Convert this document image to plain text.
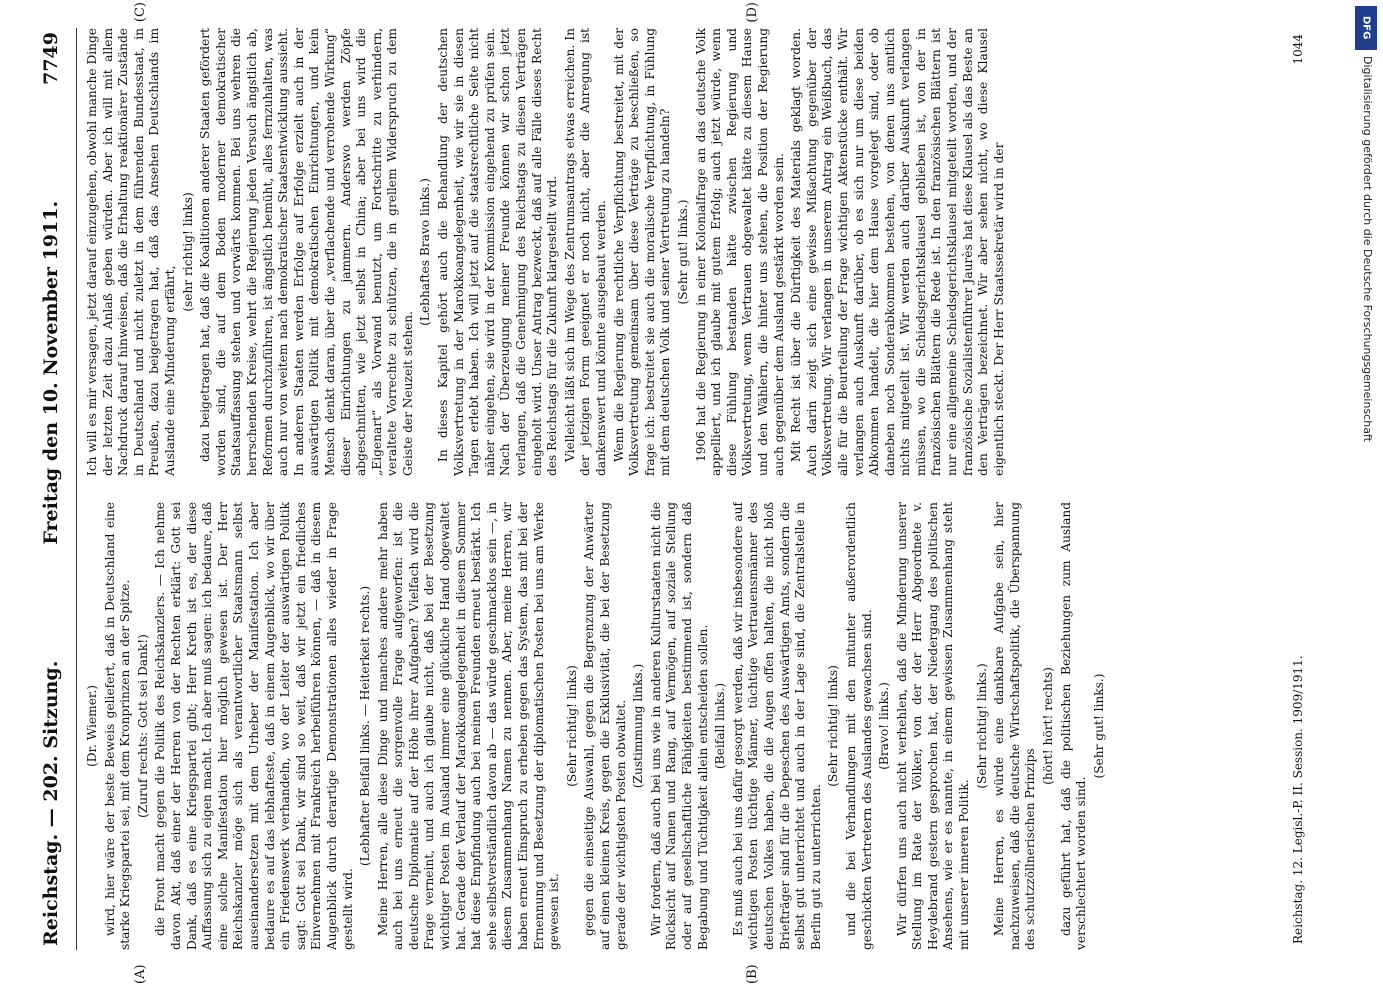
Reichstag. — 202. Sitzung.
Freitag den 10. November 1911.
7749

(Dr. Wiemer.) wird, hier wäre der beste Beweis geliefert, daß in Deutschland eine starke Kriegspartei sei, mit dem Kronprinzen an der Spitze. (Zuruf rechts: Gott sei Dank!) die Front macht gegen die Politik des Reichskanzlers. — Ich nehme davon Akt, daß einer der Herren von der Rechten erklärt: Gott sei Dank, daß es eine Kriegspartei gibt; Herr Kreth ist es, der diese Auffassung sich zu eigen macht. Ich aber muß sagen: ich bedaure, daß eine solche Manifestation hier möglich gewesen ist. Der Herr Reichskanzler möge sich als verantwortlicher Staatsmann selbst auseinandersetzen mit dem Urheber der Manifestation. Ich aber bedaure es auf das lebhafteste, daß in einem Augenblick, wo wir über ein Friedenswerk verhandeln, wo der Leiter der auswärtigen Politik sagt: Gott sei Dank, wir sind so weit, daß wir jetzt ein friedliches Einvernehmen mit Frankreich herbeiführen können, — daß in diesem Augenblick durch derartige Demonstrationen alles wieder in Frage gestellt wird.

(Lebhafter Beifall links. — Heiterkeit rechts.) Meine Herren, alle diese Dinge und manches andere mehr haben auch bei uns erneut die sorgenvolle Frage aufgeworfen: ist die deutsche Diplomatie auf der Höhe ihrer Aufgaben? Vielfach wird die Frage verneint, und auch ich glaube nicht, daß bei der Besetzung wichtiger Posten im Ausland immer eine glückliche Hand obgewaltet hat. Gerade der Verlauf der Marokkoangelegenheit in diesem Sommer hat diese Empfindung auch bei meinen Freunden erneut bestärkt. Ich sehe selbstverständlich davon ab — das würde geschmacklos sein —, in diesem Zusammenhang Namen zu nennen. Aber, meine Herren, wir haben erneut Einspruch zu erheben gegen das System, das mit bei der Ernennung und Besetzung der diplomatischen Posten bei uns am Werke gewesen ist.

(Sehr richtig! links) gegen die einseitige Auswahl, gegen die Begrenzung der Anwärter auf einen kleinen Kreis, gegen die Exklusivität, die bei der Besetzung gerade der wichtigsten Posten obwaltet. (Zustimmung links.) Wir fordern, daß auch bei uns wie in anderen Kulturstaaten nicht die Rücksicht auf Namen und Rang, auf Vermögen, auf soziale Stellung oder auf gesellschaftliche Fähigkeiten bestimmend ist, sondern daß Begabung und Tüchtigkeit allein entscheiden sollen. (Beifall links.) Es muß auch bei uns dafür gesorgt werden, daß wir insbesondere auf wichtigen Posten tüchtige Männer, tüchtige Vertrauensmänner des deutschen Volkes haben, die die Augen offen halten, die nicht bloß Briefträger sind für die Depeschen des Auswärtigen Amts, sondern die selbst gut unterrichtet und auch in der Lage sind, die Zentralstelle in Berlin gut zu unterrichten.

(Sehr richtig! links) und die bei Verhandlungen mit den mitunter außerordentlich geschickten Vertretern des Auslandes gewachsen sind. (Bravo! links.) Wir dürfen uns auch nicht verhehlen, daß die Minderung unserer Stellung im Rate der Völker, von der der Herr Abgeordnete v. Heydebrand gestern gesprochen hat, der Niedergang des politischen Ansehens, wie er es nannte, in einem gewissen Zusammenhang steht mit unserer inneren Politik.

(Sehr richtig! links.) Meine Herren, es würde eine dankbare Aufgabe sein, hier nachzuweisen, daß die deutsche Wirtschaftspolitik, die Überspannung des schutzzöllnerischen Prinzips

(hört! hört! rechts) dazu geführt hat, daß die politischen Beziehungen zum Ausland verschlechtert worden sind.

(Sehr gut! links.)

Ich will es mir versagen, jetzt darauf einzugehen, obwohl manche Dinge der letzten Zeit dazu Anlaß geben würden. Aber ich will mit allem Nachdruck darauf hinweisen, daß die Erhaltung reaktionärer Zustände in Deutschland und nicht zuletzt in dem führenden Bundesstaat, in Preußen, dazu beigetragen hat, daß das Ansehen Deutschlands im Auslande eine Minderung erfährt,

(sehr richtig! links) dazu beigetragen hat, daß die Koalitionen anderer Staaten gefördert worden sind, die auf dem Boden moderner demokratischer Staatsauffassung stehen und vorwärts kommen. Bei uns wehren die herrschenden Kreise, wehrt die Regierung jeden Versuch ängstlich ab, Reformen durchzuführen, ist ängstlich bemüht, alles fernzuhalten, was auch nur von weitem nach demokratischer Staatsentwicklung aussieht. In anderen Staaten werden Erfolge auf Erfolge erzielt auch in der auswärtigen Politik mit demokratischen Einrichtungen, und kein Mensch denkt daran, über die „verflachende und verrohende Wirkung“ dieser Einrichtungen zu jammern. Anderswo werden Zöpfe abgeschnitten, wie jetzt selbst in China; aber bei uns wird die „Eigenart“ als Vorwand benutzt, um Fortschritte zu verhindern, veraltete Vorrechte zu schützen, die in grellem Widerspruch zu dem Geiste der Neuzeit stehen.

(Lebhaftes Bravo links.) In dieses Kapitel gehört auch die Behandlung der deutschen Volksvertretung in der Marokkoangelegenheit, wie wir sie in diesen Tagen erlebt haben. Ich will jetzt auf die staatsrechtliche Seite nicht näher eingehen, sie wird in der Kommission eingehend zu prüfen sein. Nach der Überzeugung meiner Freunde können wir schon jetzt verlangen, daß die Genehmigung des Reichstags zu diesen Verträgen eingeholt wird. Unser Antrag bezweckt, daß auf alle Fälle dieses Recht des Reichstags für die Zukunft klargestellt wird. Vielleicht läßt sich im Wege des Zentrumsantrags etwas erreichen. In der jetzigen Form geeignet er noch nicht, aber die Anregung ist dankenswert und könnte ausgebaut werden. Wenn die Regierung die rechtliche Verpflichtung bestreitet, mit der Volksvertretung gemeinsam über diese Verträge zu beschließen, so frage ich: bestreitet sie auch die moralische Verpflichtung, in Fühlung mit dem deutschen Volk und seiner Vertretung zu handeln? (Sehr gut! links.) 1906 hat die Regierung in einer Kolonialfrage an das deutsche Volk appelliert, und ich glaube mit gutem Erfolg; auch jetzt würde, wenn diese Fühlung bestanden hätte zwischen Regierung und Volksvertretung, wenn Vertrauen obgewaltet hätte zu diesem Hause und den Wählern, die hinter uns stehen, die Position der Regierung auch gegenüber dem Ausland gestärkt worden sein. Mit Recht ist über die Dürftigkeit des Materials geklagt worden. Auch darin zeigt sich eine gewisse Mißachtung gegenüber der Volksvertretung. Wir verlangen in unserem Antrag ein Weißbuch, das alle für die Beurteilung der Frage wichtigen Aktenstücke enthält. Wir verlangen auch Auskunft darüber, ob es sich nur um diese beiden Abkommen handelt, die hier dem Hause vorgelegt sind, oder ob daneben noch Sonderabkommen bestehen, von denen uns amtlich nichts mitgeteilt ist. Wir werden auch darüber Auskunft verlangen müssen, wo die Schiedsgerichtsklausel geblieben ist, von der in französischen Blättern die Rede ist. In den französischen Blättern ist nur eine allgemeine Schiedsgerichtsklausel mitgeteilt worden, und der französische Sozialistenführer Jaurès hat diese Klausel als das Beste an den Verträgen bezeichnet. Wir aber sehen nicht, wo diese Klausel eigentlich steckt. Der Herr Staatssekretär wird in der

(A)	(B)
(C)	(D)
Reichstag. 12. Legisl.-P. II. Session. 1909/1911.
1044
DFG
Digitalisierung gefördert durch die Deutsche Forschungsgemeinschaft
